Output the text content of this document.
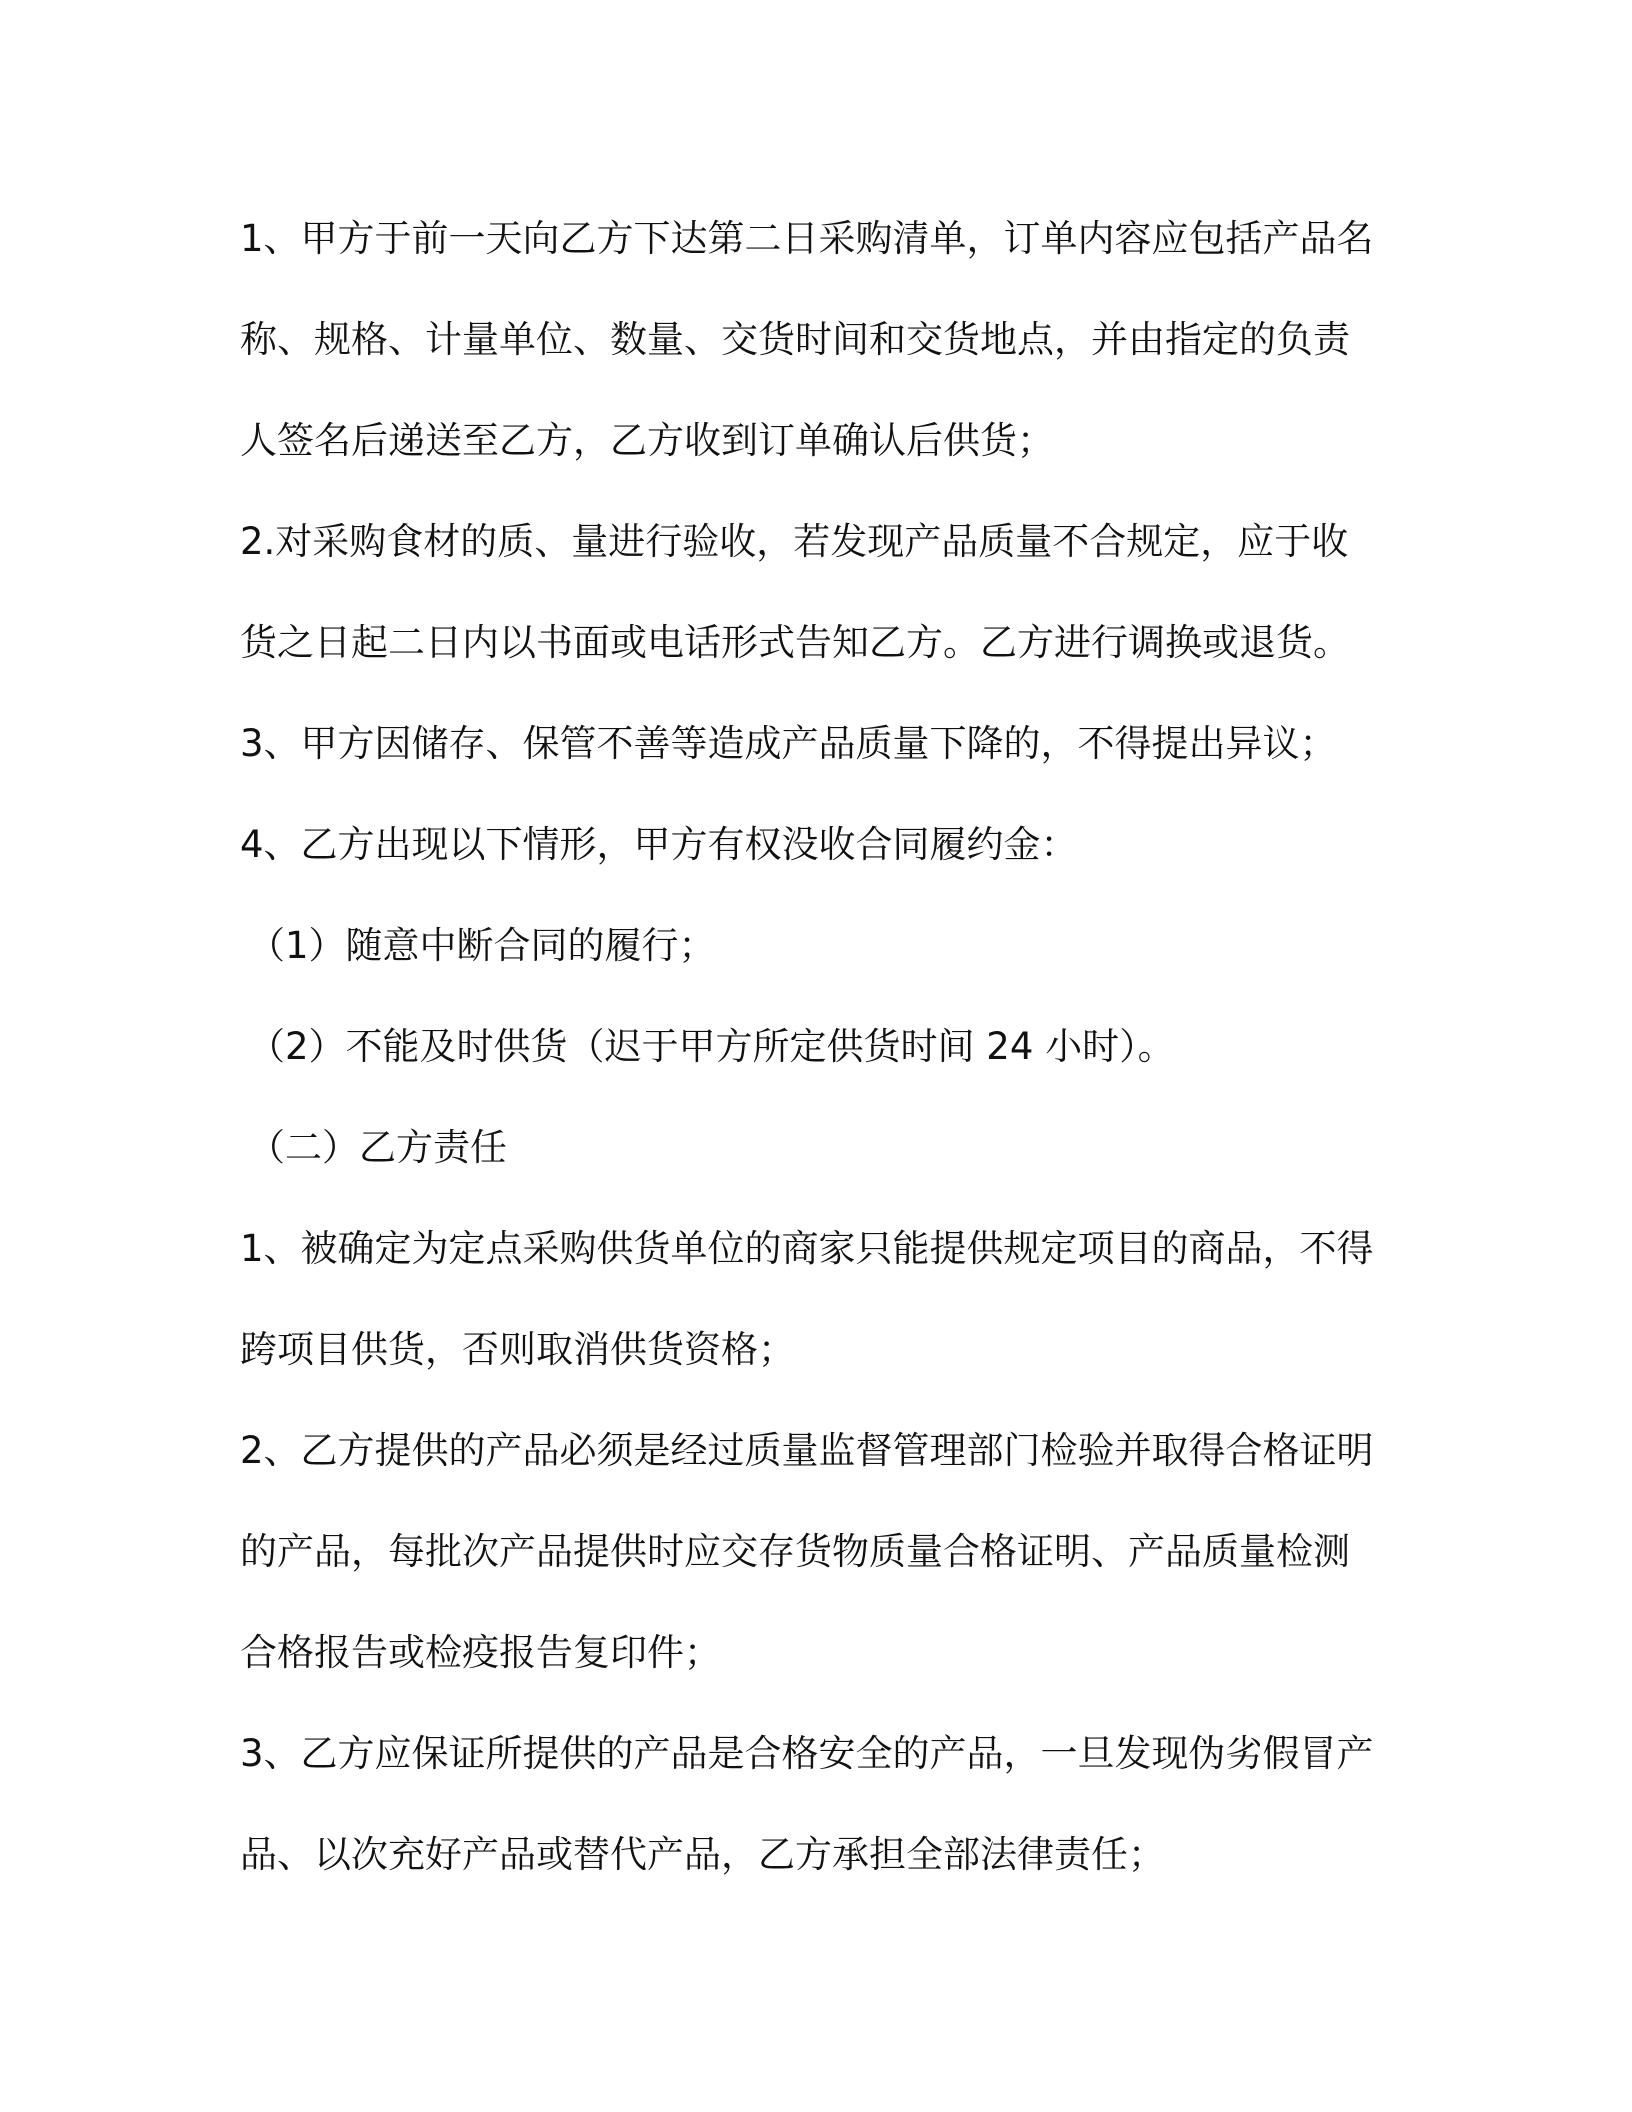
1、甲方于前一天向乙方下达第二日采购清单，订单内容应包括产品名
称、规格、计量单位、数量、交货时间和交货地点，并由指定的负责
人签名后递送至乙方，乙方收到订单确认后供货；
2.对采购食材的质、量进行验收，若发现产品质量不合规定，应于收
货之日起二日内以书面或电话形式告知乙方。乙方进行调换或退货。
3、甲方因储存、保管不善等造成产品质量下降的，不得提出异议；
4、乙方出现以下情形，甲方有权没收合同履约金：
（1）随意中断合同的履行；
（2）不能及时供货（迟于甲方所定供货时间 24 小时）。
（二）乙方责任
1、被确定为定点采购供货单位的商家只能提供规定项目的商品，不得
跨项目供货，否则取消供货资格；
2、乙方提供的产品必须是经过质量监督管理部门检验并取得合格证明
的产品，每批次产品提供时应交存货物质量合格证明、产品质量检测
合格报告或检疫报告复印件；
3、乙方应保证所提供的产品是合格安全的产品，一旦发现伪劣假冒产
品、以次充好产品或替代产品，乙方承担全部法律责任；
